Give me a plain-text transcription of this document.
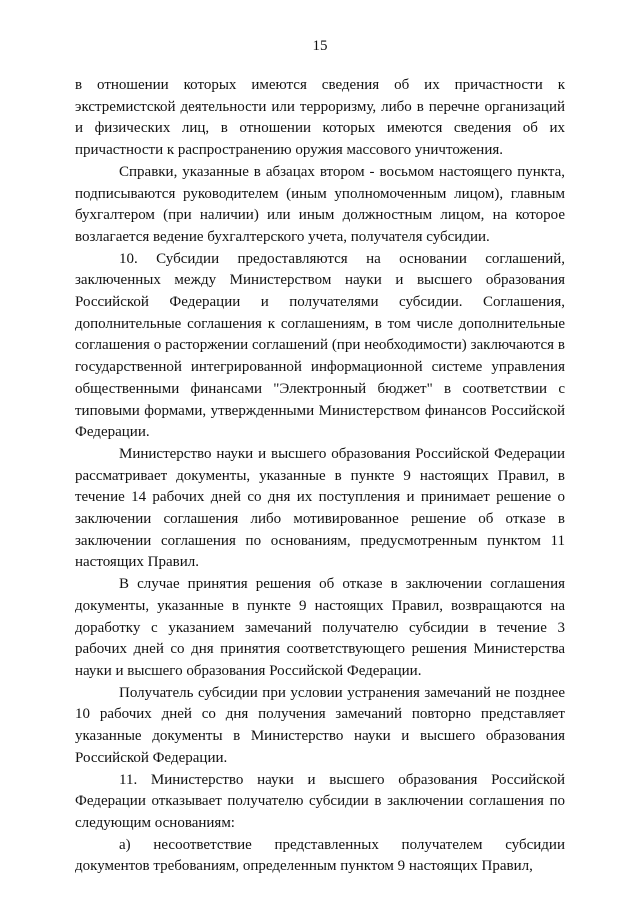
15

в отношении которых имеются сведения об их причастности к экстремистской деятельности или терроризму, либо в перечне организаций и физических лиц, в отношении которых имеются сведения об их причастности к распространению оружия массового уничтожения.

Справки, указанные в абзацах втором - восьмом настоящего пункта, подписываются руководителем (иным уполномоченным лицом), главным бухгалтером (при наличии) или иным должностным лицом, на которое возлагается ведение бухгалтерского учета, получателя субсидии.

10. Субсидии предоставляются на основании соглашений, заключенных между Министерством науки и высшего образования Российской Федерации и получателями субсидии. Соглашения, дополнительные соглашения к соглашениям, в том числе дополнительные соглашения о расторжении соглашений (при необходимости) заключаются в государственной интегрированной информационной системе управления общественными финансами "Электронный бюджет" в соответствии с типовыми формами, утвержденными Министерством финансов Российской Федерации.

Министерство науки и высшего образования Российской Федерации рассматривает документы, указанные в пункте 9 настоящих Правил, в течение 14 рабочих дней со дня их поступления и принимает решение о заключении соглашения либо мотивированное решение об отказе в заключении соглашения по основаниям, предусмотренным пунктом 11 настоящих Правил.

В случае принятия решения об отказе в заключении соглашения документы, указанные в пункте 9 настоящих Правил, возвращаются на доработку с указанием замечаний получателю субсидии в течение 3 рабочих дней со дня принятия соответствующего решения Министерства науки и высшего образования Российской Федерации.

Получатель субсидии при условии устранения замечаний не позднее 10 рабочих дней со дня получения замечаний повторно представляет указанные документы в Министерство науки и высшего образования Российской Федерации.

11. Министерство науки и высшего образования Российской Федерации отказывает получателю субсидии в заключении соглашения по следующим основаниям:

а) несоответствие представленных получателем субсидии документов требованиям, определенным пунктом 9 настоящих Правил,
